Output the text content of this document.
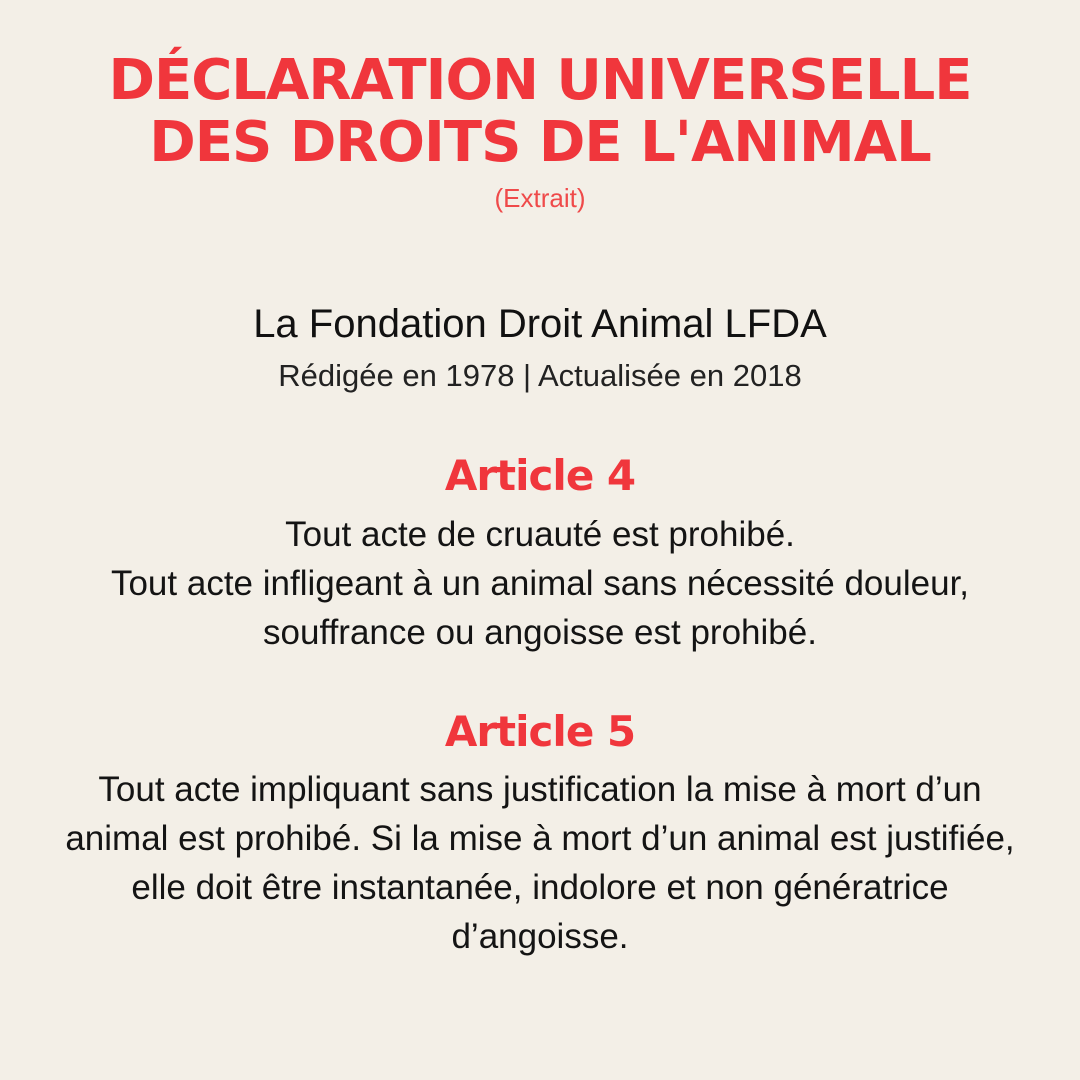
DÉCLARATION UNIVERSELLE
DES DROITS DE L'ANIMAL
(Extrait)
La Fondation Droit Animal LFDA
Rédigée en 1978 | Actualisée en 2018
Article 4
Tout acte de cruauté est prohibé.
Tout acte infligeant à un animal sans nécessité douleur,
souffrance ou angoisse est prohibé.
Article 5
Tout acte impliquant sans justification la mise à mort d’un
animal est prohibé. Si la mise à mort d’un animal est justifiée,
elle doit être instantanée, indolore et non génératrice
d’angoisse.
